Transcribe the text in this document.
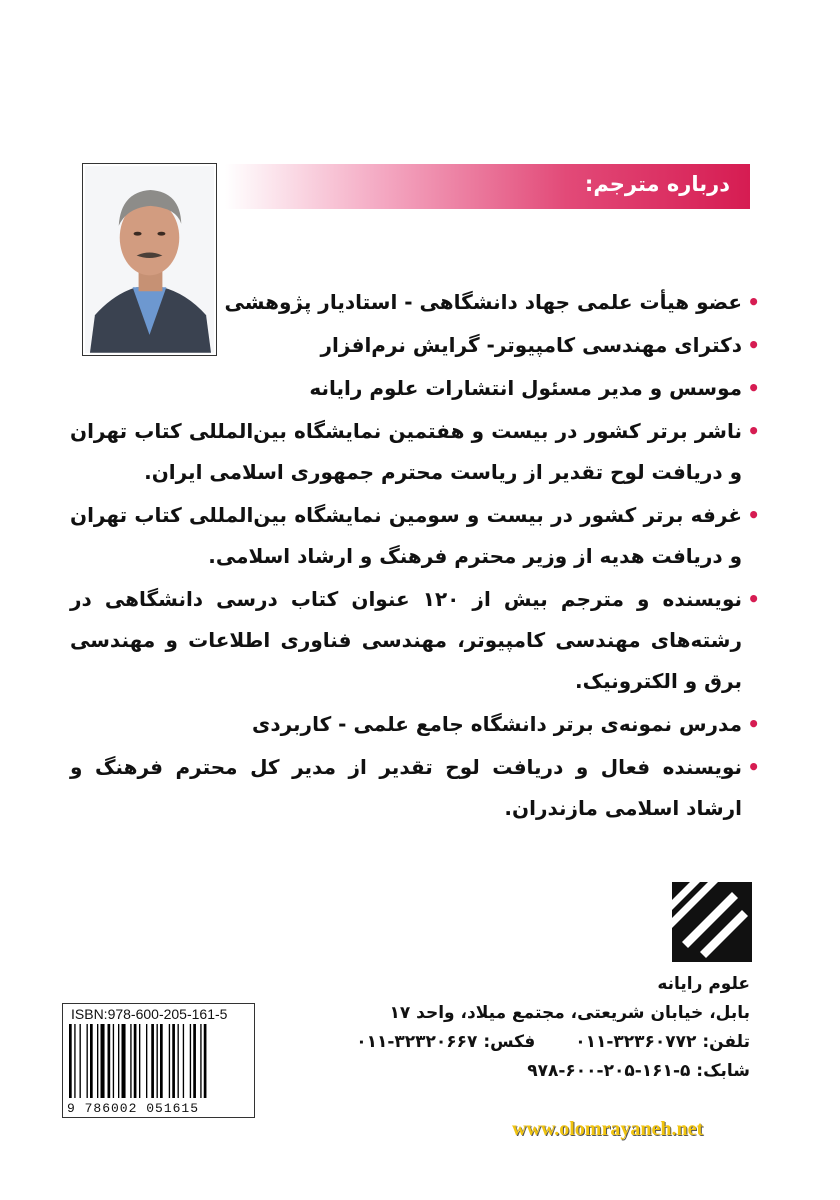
درباره مترجم:
• عضو هیأت علمی جهاد دانشگاهی - استادیار پژوهشی
• دکترای مهندسی کامپیوتر- گرایش نرم‌افزار
• موسس و مدیر مسئول انتشارات علوم رایانه
• ناشر برتر کشور در بیست و هفتمین نمایشگاه بین‌المللی کتاب تهران و دریافت لوح تقدیر از ریاست محترم جمهوری اسلامی ایران.
• غرفه برتر کشور در بیست و سومین نمایشگاه بین‌المللی کتاب تهران و دریافت هدیه از وزیر محترم فرهنگ و ارشاد اسلامی.
• نویسنده و مترجم بیش از ۱۲۰ عنوان کتاب درسی دانشگاهی در رشته‌های مهندسی کامپیوتر، مهندسی فناوری اطلاعات و مهندسی برق و الکترونیک.
• مدرس نمونه‌ی برتر دانشگاه جامع علمی - کاربردی
• نویسنده فعال و دریافت لوح تقدیر از مدیر کل محترم فرهنگ و ارشاد اسلامی مازندران.
علوم رایانه
بابل، خیابان شریعتی، مجتمع میلاد، واحد ۱۷
تلفن: ۳۲۳۶۰۷۷۲-۰۱۱
فکس: ۳۲۳۲۰۶۶۷-۰۱۱
شابک: ۵-۱۶۱-۲۰۵-۶۰۰-۹۷۸
ISBN:978-600-205-161-5
9 786002 051615
www.olomrayaneh.net
